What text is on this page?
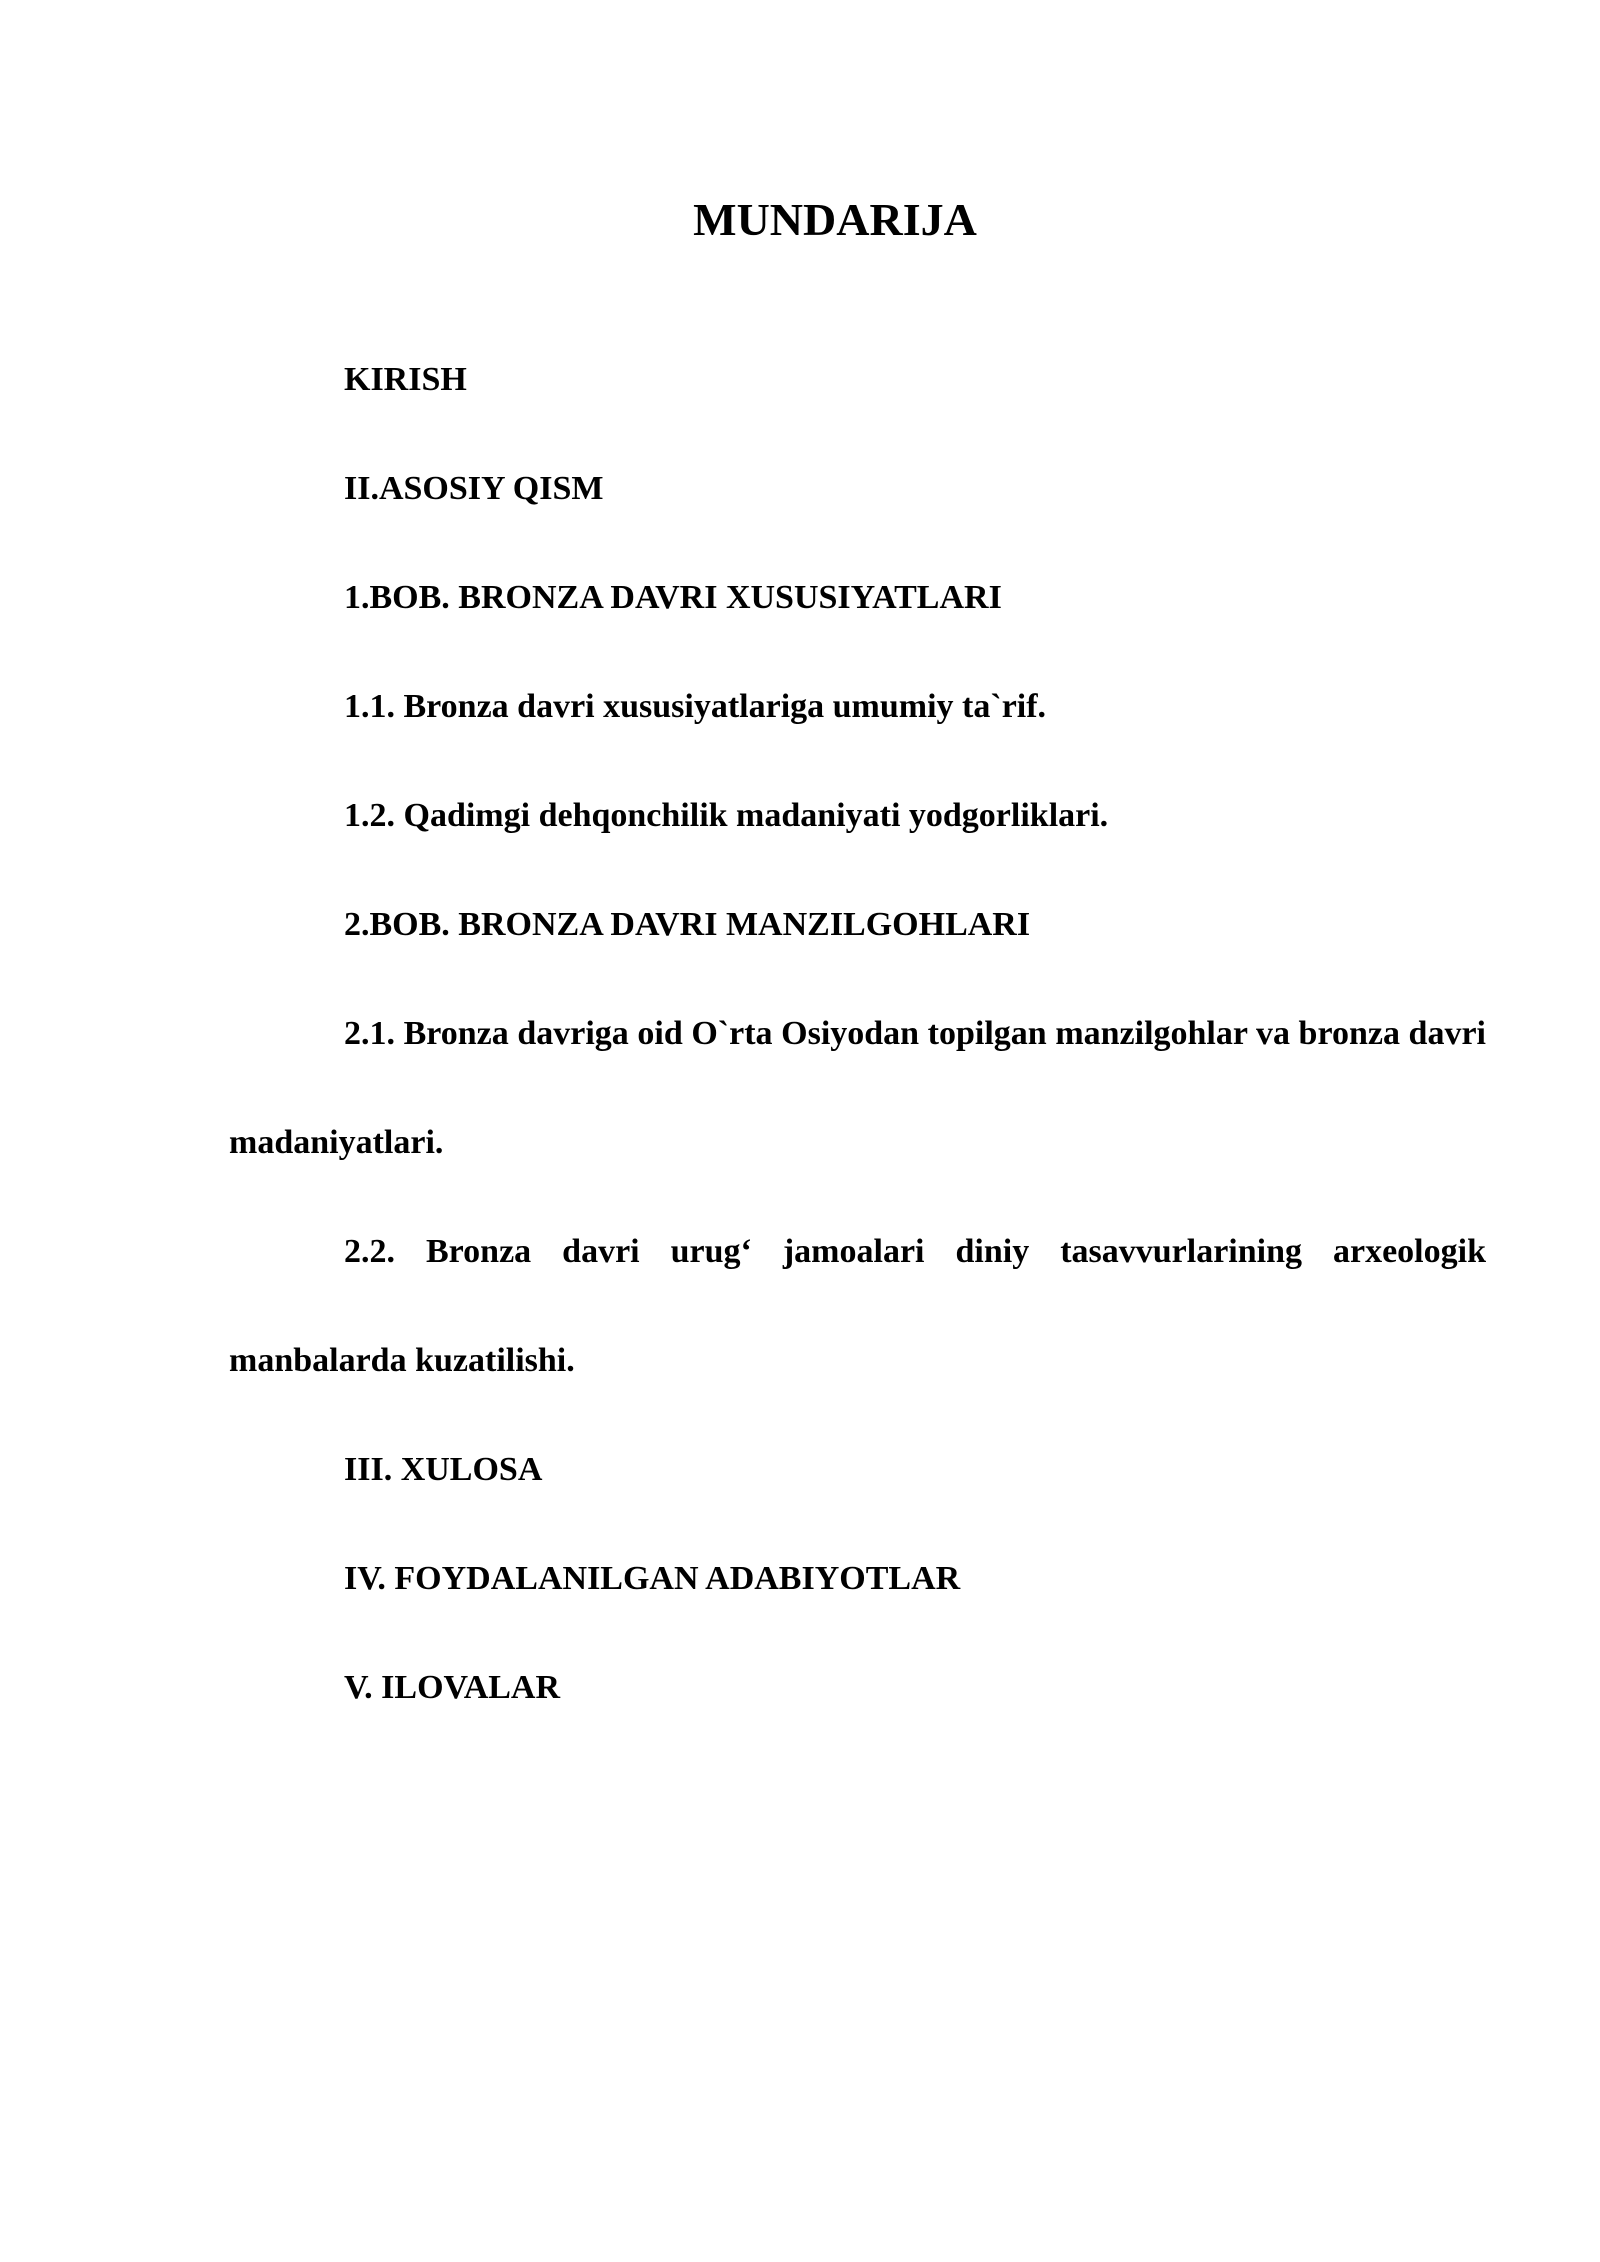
MUNDARIJA
KIRISH
II.ASOSIY QISM
1.BOB. BRONZA DAVRI XUSUSIYATLARI
1.1. Bronza davri xususiyatlariga umumiy ta`rif.
1.2. Qadimgi dehqonchilik madaniyati yodgorliklari.
2.BOB. BRONZA DAVRI MANZILGOHLARI
2.1. Bronza davriga oid O`rta Osiyodan topilgan manzilgohlar va bronza davri madaniyatlari.
2.2. Bronza davri urug‘ jamoalari diniy tasavvurlarining arxeologik manbalarda kuzatilishi.
III. XULOSA
IV. FOYDALANILGAN ADABIYOTLAR
V. ILOVALAR
